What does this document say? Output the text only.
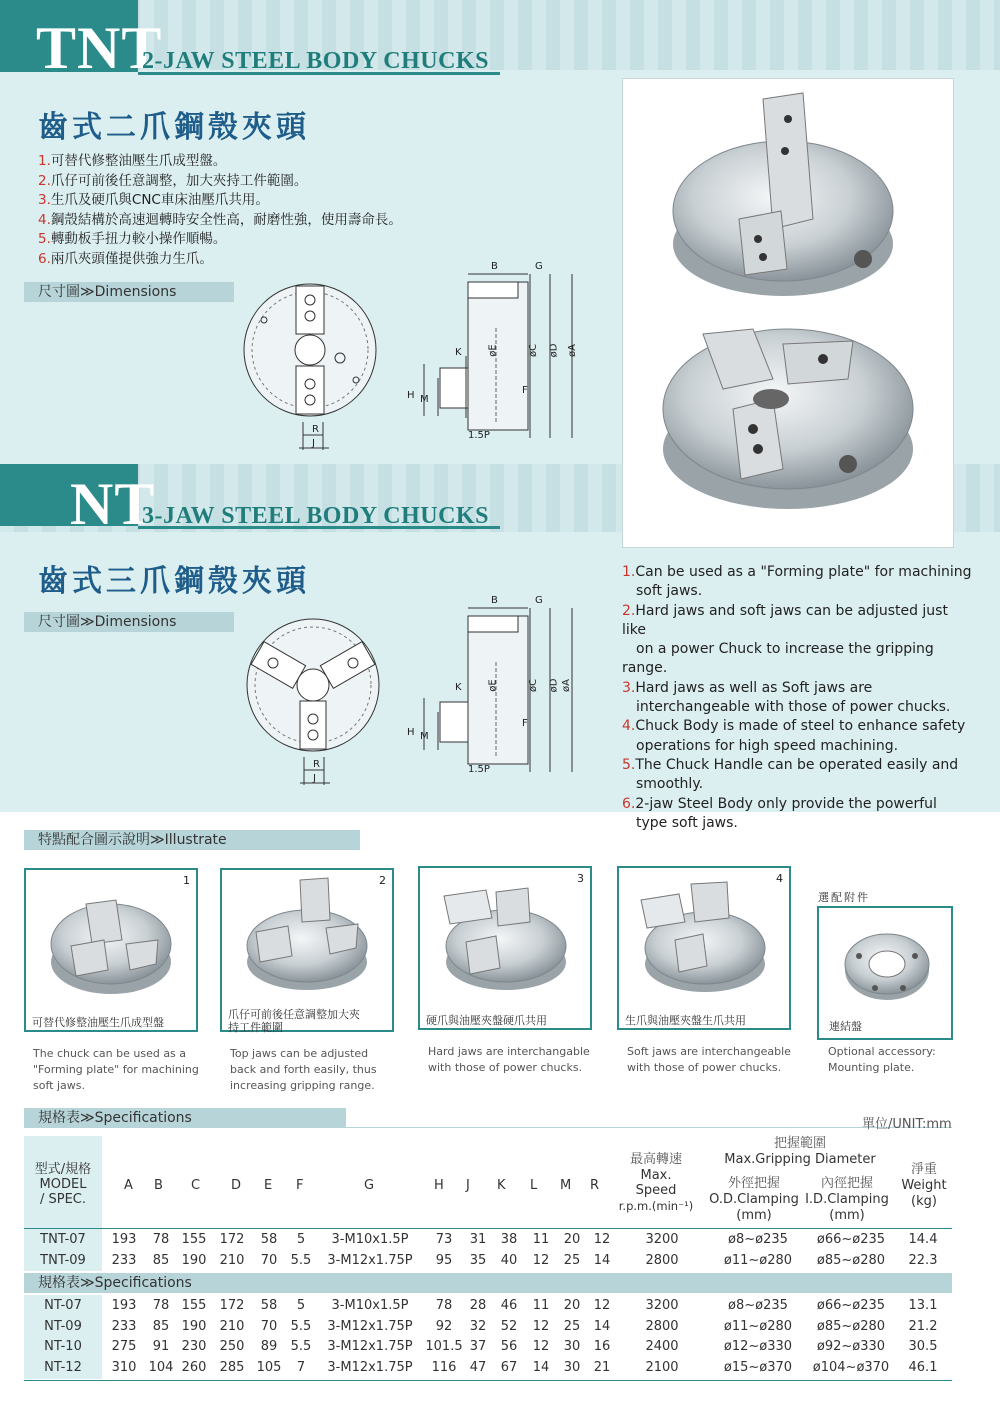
TNT
2-JAW STEEL BODY CHUCKS
齒式二爪鋼殼夾頭
1.可替代修整油壓生爪成型盤。
2.爪仔可前後任意調整，加大夾持工件範圍。
3.生爪及硬爪與CNC車床油壓爪共用。
4.鋼殼結構於高速迴轉時安全性高，耐磨性強，使用壽命長。
5.轉動板手扭力較小操作順暢。
6.兩爪夾頭僅提供強力生爪。
尺寸圖≫Dimensions
R
J
B	G
K	øE	øC øD øA
H M
F
1.5P
NT
3-JAW STEEL BODY CHUCKS
齒式三爪鋼殼夾頭
尺寸圖≫Dimensions
R
J
B	G
K	øE	øC øD øA
H M
F
1.5P
1.Can be used as a "Forming plate" for machining
soft jaws.
2.Hard jaws and soft jaws can be adjusted just like
on a power Chuck to increase the gripping range.
3.Hard jaws as well as Soft jaws are
interchangeable with those of power chucks.
4.Chuck Body is made of steel to enhance safety
operations for high speed machining.
5.The Chuck Handle can be operated easily and
smoothly.
6.2-jaw Steel Body only provide the powerful
type soft jaws.
特點配合圖示說明≫Illustrate
1
可替代修整油壓生爪成型盤
The chuck can be used as a
"Forming plate" for machining
soft jaws.
2
爪仔可前後任意調整加大夾
持工件範圍
Top jaws can be adjusted
back and forth easily, thus
increasing gripping range.
3
硬爪與油壓夾盤硬爪共用
Hard jaws are interchangable
with those of power chucks.
4
生爪與油壓夾盤生爪共用
Soft jaws are interchangeable
with those of power chucks.
選配附件
連結盤
Optional accessory:
Mounting plate.
規格表≫Specifications	單位/UNIT:mm
型式/規格
MODEL
/ SPEC.
A B C D E F	G	H J K L M R
最高轉速
Max.
Speed
r.p.m.(min⁻¹)
把握範圍
Max.Gripping Diameter
外徑把握
O.D.Clamping
(mm)
內徑把握
I.D.Clamping
(mm)
淨重
Weight
(kg)
TNT-07	193	78	155	172	58	5	3-M10x1.5P	73	31	38	11	20	12	3200	ø8~ø235	ø66~ø235	14.4
TNT-09	233	85	190	210	70	5.5	3-M12x1.75P	95	35	40	12	25	14	2800	ø11~ø280	ø85~ø280	22.3
規格表≫Specifications
NT-07	193	78	155	172	58	5	3-M10x1.5P	78	28	46	11	20	12	3200	ø8~ø235	ø66~ø235	13.1
NT-09	233	85	190	210	70	5.5	3-M12x1.75P	92	32	52	12	25	14	2800	ø11~ø280	ø85~ø280	21.2
NT-10	275	91	230	250	89	5.5	3-M12x1.75P	101.5	37	56	12	30	16	2400	ø12~ø330	ø92~ø330	30.5
NT-12	310	104	260	285	105	7	3-M12x1.75P	116	47	67	14	30	21	2100	ø15~ø370	ø104~ø370	46.1
